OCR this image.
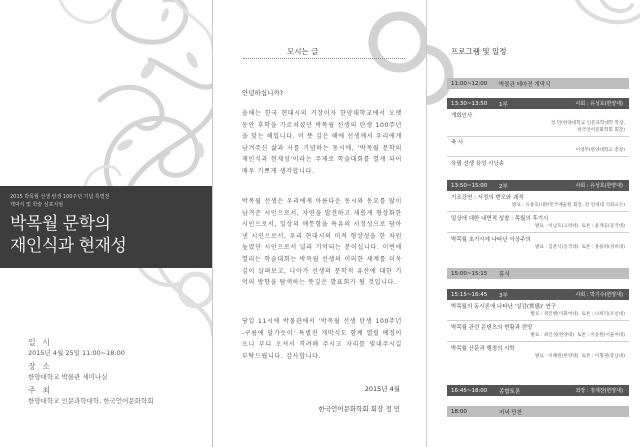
2015 박목월 선생 탄생 100주년 기념 특별전
개막식 및 학술 심포지엄
박목월 문학의
재인식과 현재성
일 시
2015년 4월 25일 11:00~18:00
장 소
한양대학교 박물관 세미나실
주 최
한양대학교 인문과학대학, 한국언어문화학회
모시는 글
안녕하십니까?
올해는 한국 현대시의 거장이자 한양대학교에서 오랫동안 후학을 가르치셨던 박목월 선생의 탄생 100주년을 맞는 해입니다. 이 뜻 깊은 해에 선생께서 우리에게 남겨주신 삶과 시를 기념하는 동시에, '박목월 문학의 재인식과 현재성'이라는 주제로 학술대회를 열게 되어 매우 기쁘게 생각합니다.
박목월 선생은 우리에게 아름다운 동시와 동요를 많이 남겨준 시인으로서, 자연을 발견하고 새롭게 형상화한 시인으로서, 일상의 애틋함을 특유의 서정성으로 담아낸 시인으로서, 우리 현대시의 미적 형상성을 한 차원 높였던 시인으로서 널리 기억되는 분이십니다. 이번에 열리는 학술대회는 박목월 선생의 이러한 세계를 더욱 깊이 살펴보고, 나아가 선생의 문학적 유산에 대한 기억의 방향을 탐색하는 뜻깊은 발표회가 될 것입니다.
당일 11시에 박물관에서 '박목월 선생 탄생 100주년 -구름에 달가듯이' 특별전 개막식도 함께 열릴 예정이오니 부디 오셔서 격려해 주시고 자리를 빛내주시길 부탁드립니다. 감사합니다.
2015년 4월
한국언어문화학회 회장 정 민
프로그램 및 일정
11:00~12:00	박물관 테마전 개막식
13:30~13:50	1부	사회 : 유성호(한양대)
개회인사
정 민(한양대학교 인문과학대학 학장,
한국언어문화학회 회장)
축 사
이영무(한양대학교 총장)
육필 선생 육성 시낭송
13:50~15:00	2부	사회 : 유성호(한양대)
기조강연 : 서정의 변모와 궤적
발표 : 유종호(대한민국예술원 회장, 전 연세대 석좌교수)
일상에 대한 내면적 성찰 : 목월의 후기시
발표 : 이남호(고려대) 토론 : 윤재웅(동국대)
박목월 초기시에 나타난 이상주의
발표 : 김춘식(동국대) 토론 : 홍용희(경희대)
15:00~15:15	휴식
15:15~16:45	3부	사회 : 박기수(한양대)
박목월의 동시론에 나타난 '실감(實感)' 연구
발표 : 정끝별(이화여대) 토론 : 나희덕(조선대)
박목월 관련 콘텐츠의 현황과 전망
발표 : 최인성(한양대) 토론 : 이승원(서울여대)
박목월 산문과 행정의 시학
발표 : 이혜원(한양대) 토론 : 이형권(충남대)
16:45~18:00	종합토론	좌장 : 정재찬(한양대)
18:00	저녁 만찬
